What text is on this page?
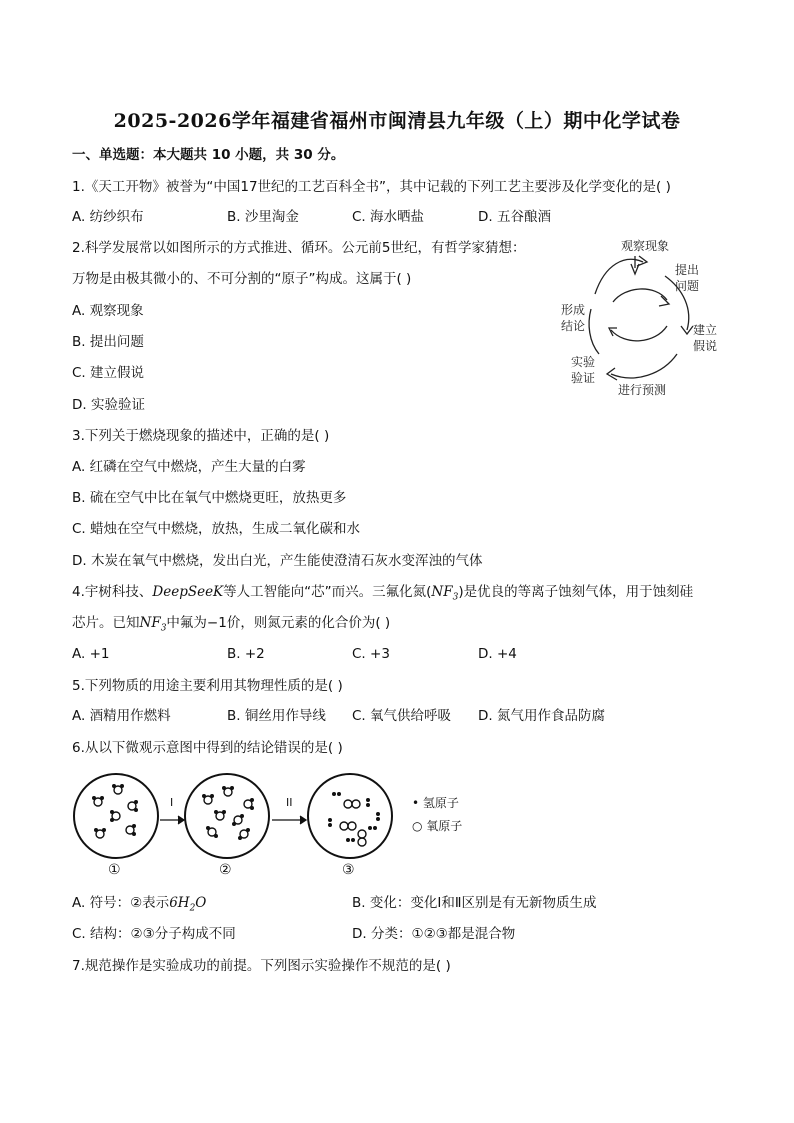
2025-2026学年福建省福州市闽清县九年级（上）期中化学试卷
一、单选题：本大题共 10 小题，共 30 分。
1.《天工开物》被誉为“中国17世纪的工艺百科全书”，其中记载的下列工艺主要涉及化学变化的是( )
A. 纺纱织布	B. 沙里淘金	C. 海水晒盐	D. 五谷酿酒
2.科学发展常以如图所示的方式推进、循环。公元前5世纪，有哲学家猜想：
万物是由极其微小的、不可分割的“原子”构成。这属于( )
A. 观察现象
B. 提出问题
C. 建立假说
D. 实验验证
观察现象
提出
问题
建立
假说
进行预测
实验
验证
形成
结论
3.下列关于燃烧现象的描述中，正确的是( )
A. 红磷在空气中燃烧，产生大量的白雾
B. 硫在空气中比在氧气中燃烧更旺，放热更多
C. 蜡烛在空气中燃烧，放热，生成二氧化碳和水
D. 木炭在氧气中燃烧，发出白光，产生能使澄清石灰水变浑浊的气体
4.宇树科技、DeepSeeK等人工智能向“芯”而兴。三氟化氮$(NF_3)$是优良的等离子蚀刻气体，用于蚀刻硅
芯片。已知$NF_3$中氟为−1价，则氮元素的化合价为( )
A. +1	B. +2	C. +3	D. +4
5.下列物质的用途主要利用其物理性质的是( )
A. 酒精用作燃料	B. 铜丝用作导线 C. 氧气供给呼吸 D. 氮气用作食品防腐
6.从以下微观示意图中得到的结论错误的是( )
I	II	• 氢原子
○ 氧原子
①	②	③
A. 符号：②表示$6H_2O$	B. 变化：变化Ⅰ和Ⅱ区别是有无新物质生成
C. 结构：②③分子构成不同	D. 分类：①②③都是混合物
7.规范操作是实验成功的前提。下列图示实验操作不规范的是( )
